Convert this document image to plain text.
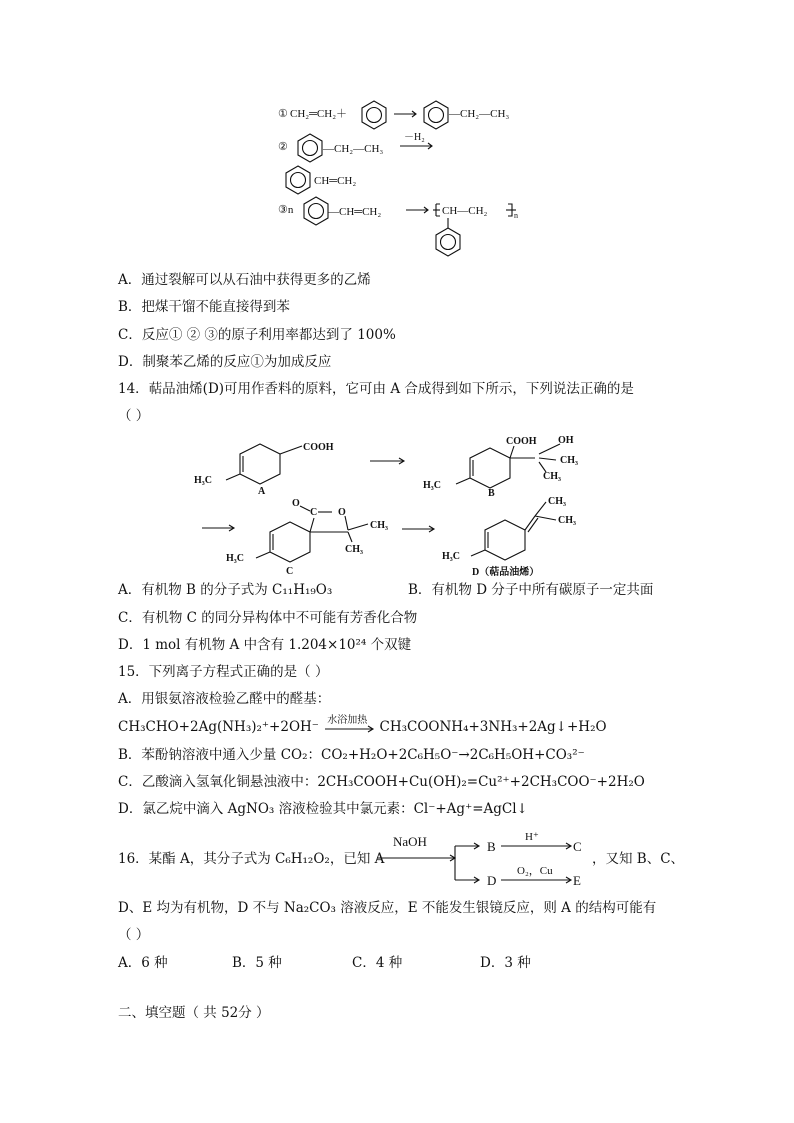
① CH₂═CH₂＋	—CH₂—CH₃
②	—CH₂—CH₃
－H₂
CH═CH₂
③n	—CH═CH₂	CH—CH₂	n
A．通过裂解可以从石油中获得更多的乙烯
B．把煤干馏不能直接得到苯
C．反应① ② ③的原子利用率都达到了 100%
D．制聚苯乙烯的反应①为加成反应
14．萜品油烯(D)可用作香料的原料，它可由 A 合成得到如下所示，下列说法正确的是
（ ）
COOH
H₃C
A
COOH OH
CH₃
CH₃
H₃C
B
O
C O
CH₃
CH₃
H₃C
C
CH₃
CH₃
H₃C
D（萜品油烯）
A．有机物 B 的分子式为 C₁₁H₁₉O₃	B．有机物 D 分子中所有碳原子一定共面
C．有机物 C 的同分异构体中不可能有芳香化合物
D．1 mol 有机物 A 中含有 1.204×10²⁴ 个双键
15．下列离子方程式正确的是（ ）
A．用银氨溶液检验乙醛中的醛基：
CH₃CHO+2Ag(NH₃)₂⁺+2OH⁻ 水浴加热 CH₃COONH₄+3NH₃+2Ag↓+H₂O
B．苯酚钠溶液中通入少量 CO₂：CO₂+H₂O+2C₆H₅O⁻→2C₆H₅OH+CO₃²⁻
C．乙酸滴入氢氧化铜悬浊液中：2CH₃COOH+Cu(OH)₂=Cu²⁺+2CH₃COO⁻+2H₂O
D．氯乙烷中滴入 AgNO₃ 溶液检验其中氯元素：Cl⁻+Ag⁺=AgCl↓
16．某酯 A，其分子式为 C₆H₁₂O₂，已知 A
NaOH	B
D
H⁺
C
O₂，Cu
E
，又知 B、C、
D、E 均为有机物，D 不与 Na₂CO₃ 溶液反应，E 不能发生银镜反应，则 A 的结构可能有
（ ）
A．6 种	B．5 种	C．4 种	D．3 种
二、填空题（ 共 52分 ）
